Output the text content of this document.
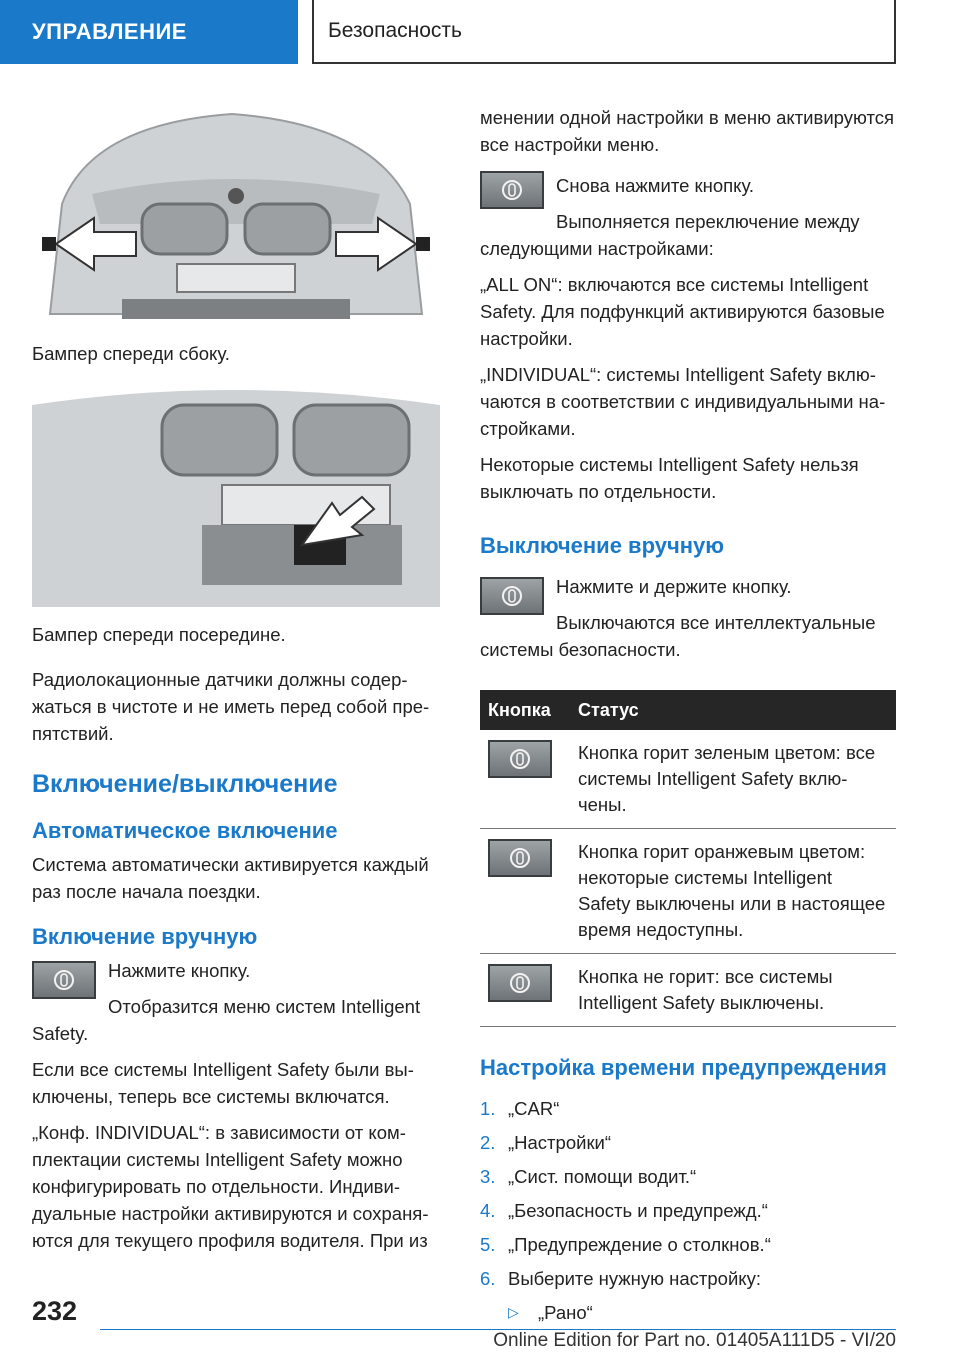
УПРАВЛЕНИЕ	Безопасность
Бампер спереди сбоку.
Бампер спереди посередине.

Радиолокационные датчики должны содержаться в чистоте и не иметь перед собой препятствий.

Включение/выключение
Автоматическое включение

Система автоматически активируется каждый раз после начала поездки.

Включение вручную

Нажмите кнопку.

Отобразится меню систем Intelligent Safety.

Если все системы Intelligent Safety были выключены, теперь все системы включатся.

„Конф. INDIVIDUAL“: в зависимости от комплектации системы Intelligent Safety можно конфигурировать по отдельности. Индивидуальные настройки активируются и сохраняются для текущего профиля водителя. При из

менении одной настройки в меню активируются все настройки меню.

Снова нажмите кнопку.

Выполняется переключение между следующими настройками:

„ALL ON“: включаются все системы Intelligent Safety. Для подфункций активируются базовые настройки.

„INDIVIDUAL“: системы Intelligent Safety включаются в соответствии с индивидуальными настройками.

Некоторые системы Intelligent Safety нельзя выключать по отдельности.

Выключение вручную

Нажмите и держите кнопку.

Выключаются все интеллектуальные системы безопасности.

Кнопка	Статус

	Кнопка горит зеленым цветом: все системы Intelligent Safety включены.

	Кнопка горит оранжевым цветом: некоторые системы Intelligent Safety выключены или в настоящее время недоступны.

	Кнопка не горит: все системы Intelligent Safety выключены.
Настройка времени предупреждения
1. „CAR“
2. „Настройки“
3. „Сист. помощи водит.“
4. „Безопасность и предупрежд.“
5. „Предупреждение о столкнов.“
6. Выберите нужную настройку:
▷	„Рано“
232
Online Edition for Part no. 01405A111D5 - VI/20
